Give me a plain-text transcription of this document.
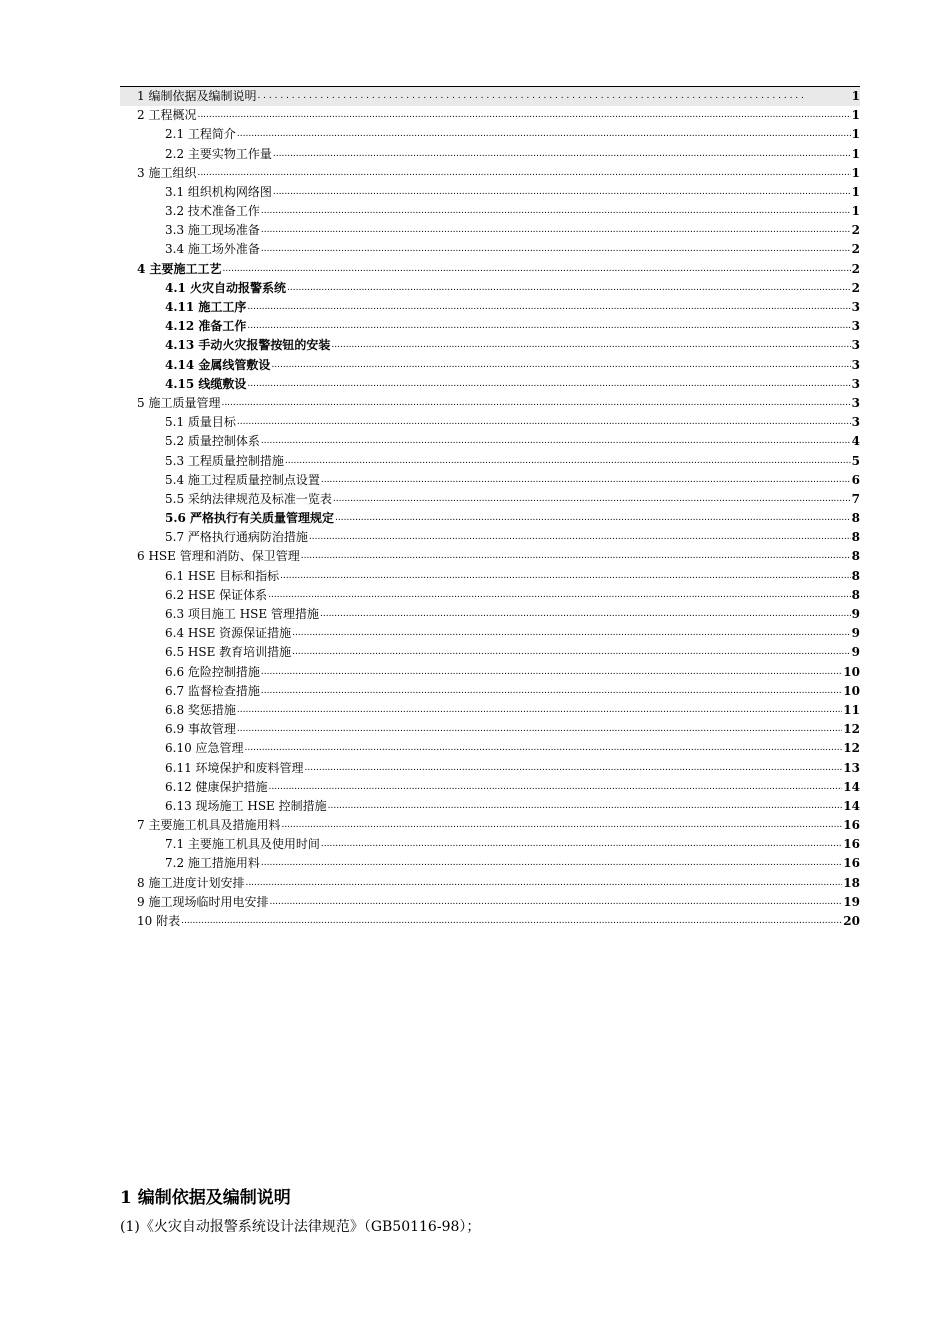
1 编制依据及编制说明 . . .	1
2 工程概况 .....	1
2.1 工程简介 .....	1
2.2 主要实物工作量 .....	1
3 施工组织 .....	1
3.1 组织机构网络图 .....	1
3.2 技术准备工作 .....	1
3.3 施工现场准备 .....	2
3.4 施工场外准备 .....	2
4 主要施工工艺 .....	2
4.1 火灾自动报警系统 .....	2
4.11 施工工序 .....	3
4.12 准备工作 .....	3
4.13 手动火灾报警按钮的安装 .....	3
4.14 金属线管敷设 .....	3
4.15 线缆敷设 .....	3
5 施工质量管理 .....	3
5.1 质量目标 .....	3
5.2 质量控制体系 .....	4
5.3 工程质量控制措施 .....	5
5.4 施工过程质量控制点设置 .....	6
5.5 采纳法律规范及标准一览表 .....	7
5.6 严格执行有关质量管理规定 .....	8
5.7 严格执行通病防治措施 .....	8
6 HSE 管理和消防、保卫管理 .....	8
6.1 HSE 目标和指标 .....	8
6.2 HSE 保证体系 .....	8
6.3 项目施工 HSE 管理措施 .....	9
6.4 HSE 资源保证措施 .....	9
6.5 HSE 教育培训措施 .....	9
6.6 危险控制措施 .....	10
6.7 监督检查措施 .....	10
6.8 奖惩措施 .....	11
6.9 事故管理 .....	12
6.10 应急管理 .....	12
6.11 环境保护和废料管理 .....	13
6.12 健康保护措施 .....	14
6.13 现场施工 HSE 控制措施 .....	14
7 主要施工机具及措施用料 .....	16
7.1 主要施工机具及使用时间 .....	16
7.2 施工措施用料 .....	16
8 施工进度计划安排 .....	18
9 施工现场临时用电安排 .....	19
10 附表 .....	20
1 编制依据及编制说明
(1)《火灾自动报警系统设计法律规范》（GB50116-98）；
